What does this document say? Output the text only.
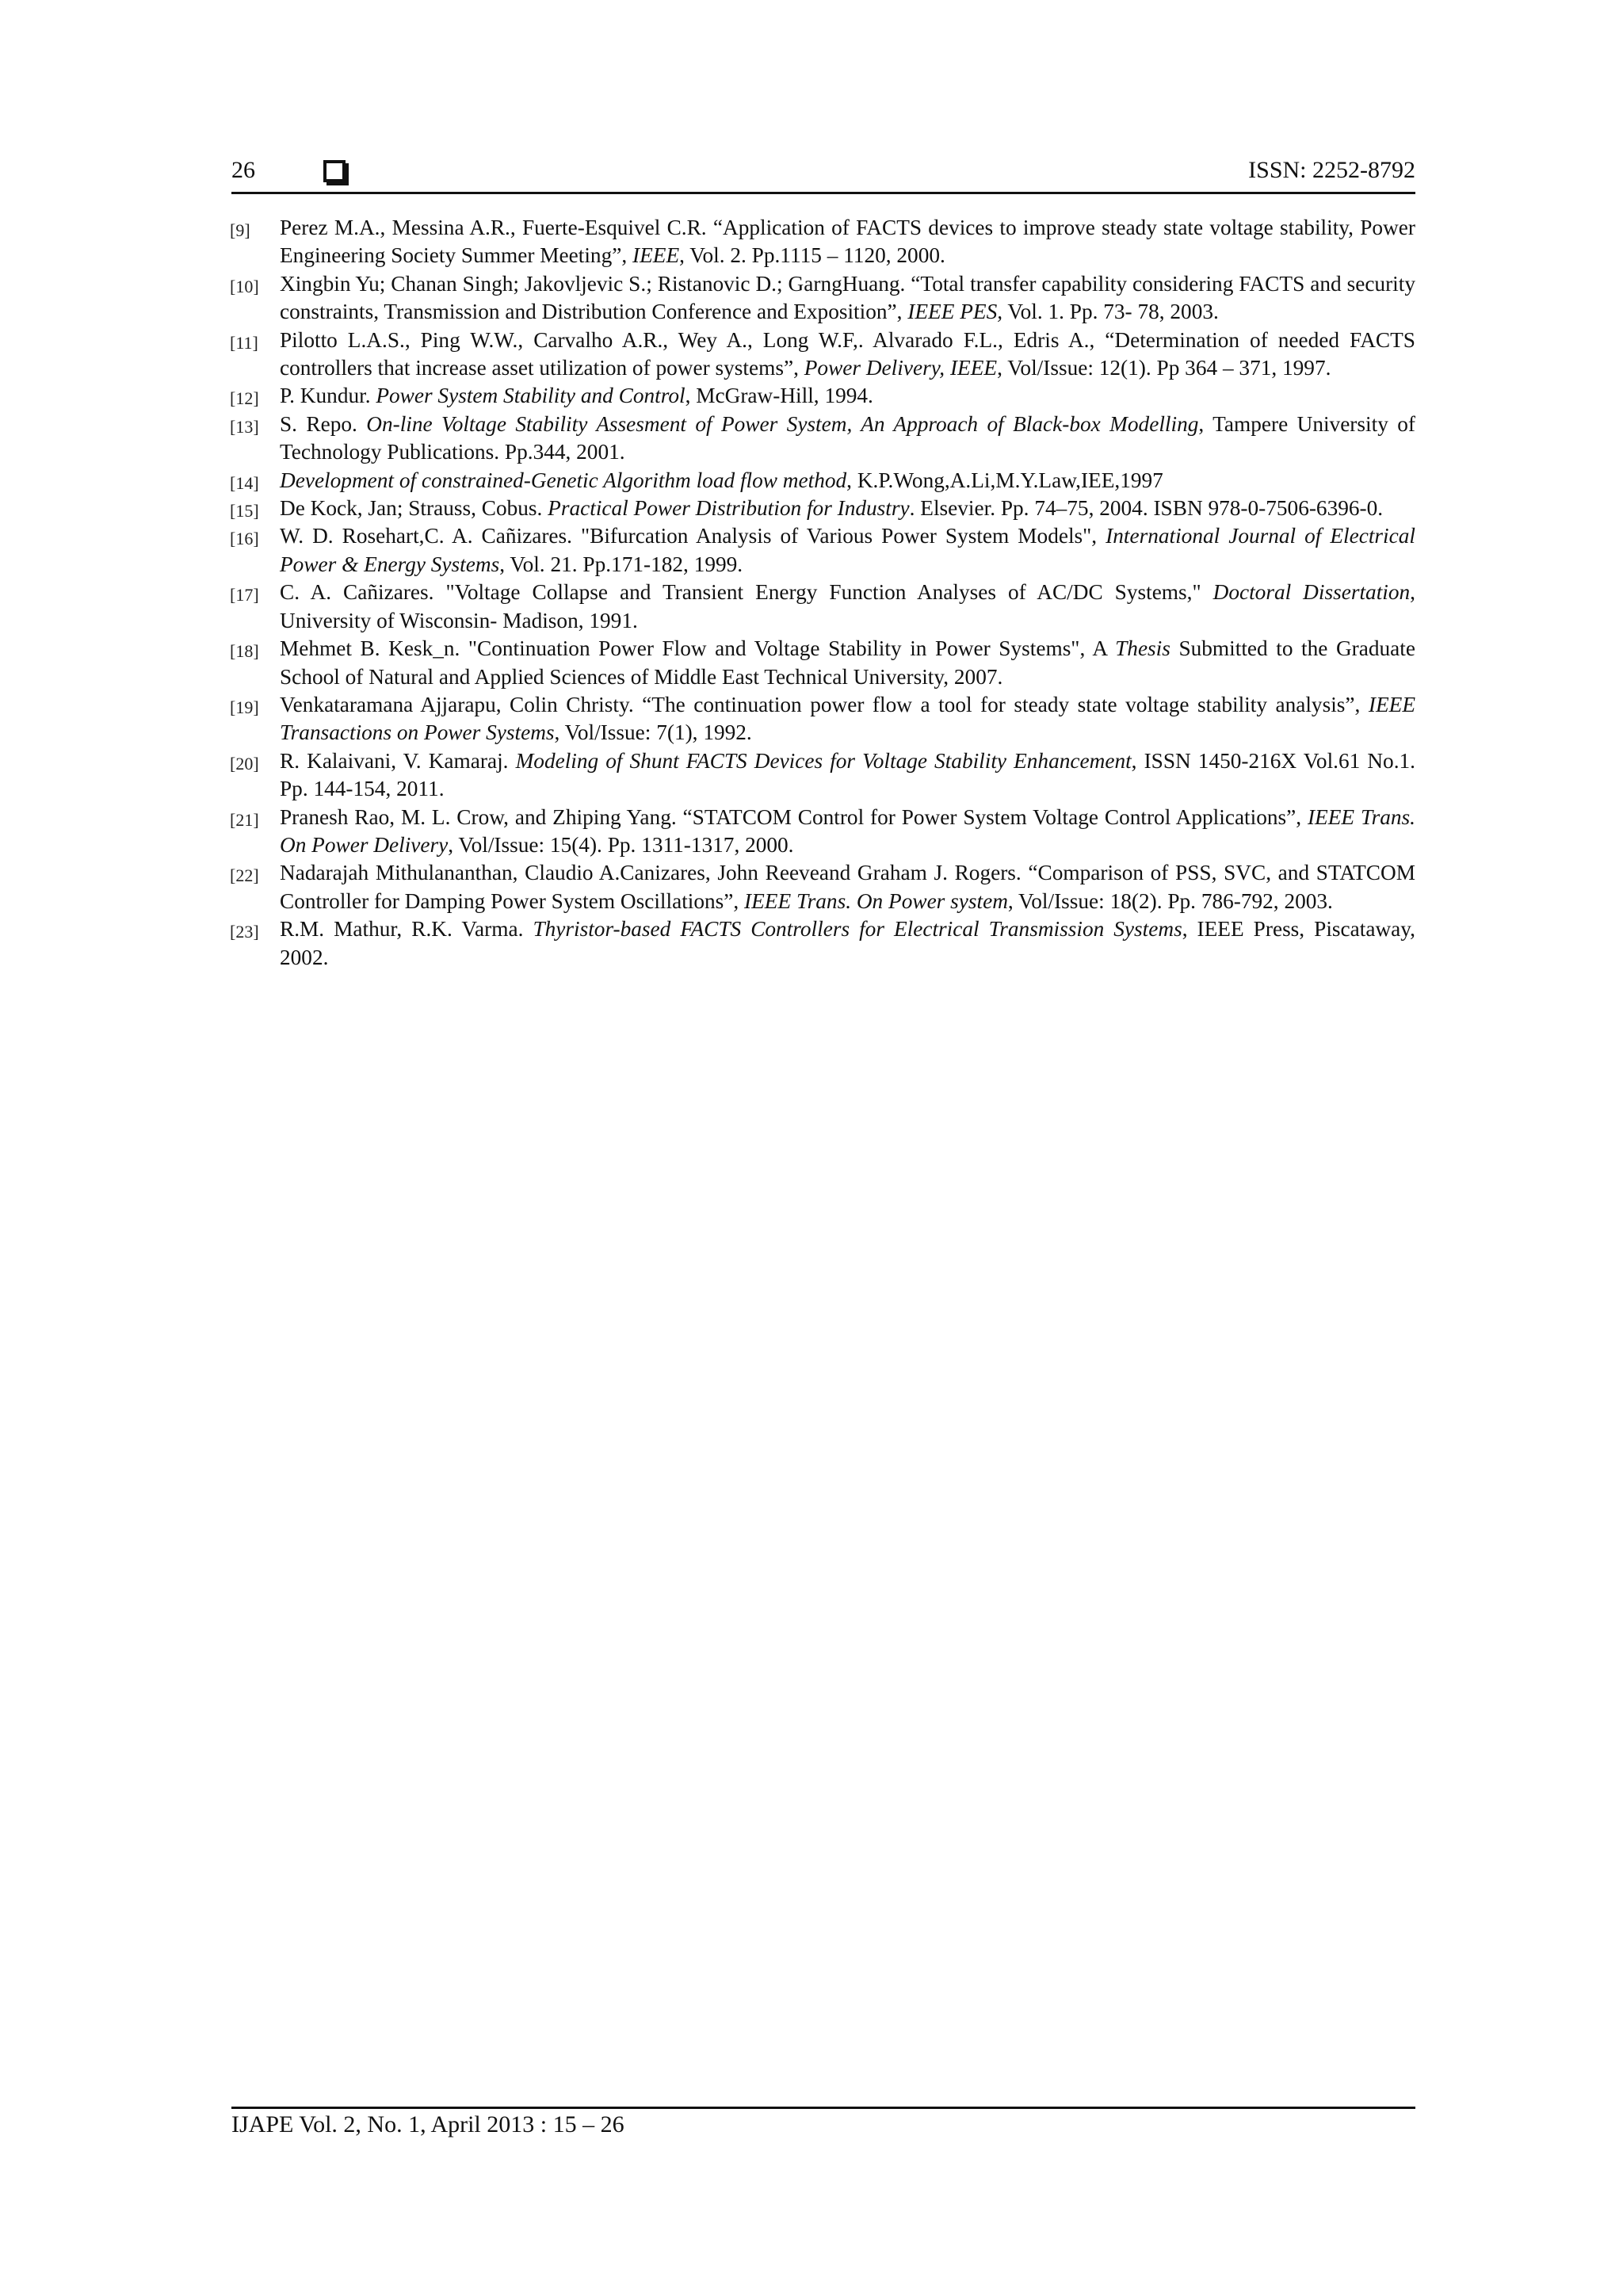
26	ISSN: 2252-8792
[9] Perez M.A., Messina A.R., Fuerte-Esquivel C.R. “Application of FACTS devices to improve steady state voltage stability, Power Engineering Society Summer Meeting”, IEEE, Vol. 2. Pp.1115 – 1120, 2000.
[10] Xingbin Yu; Chanan Singh; Jakovljevic S.; Ristanovic D.; GarngHuang. “Total transfer capability considering FACTS and security constraints, Transmission and Distribution Conference and Exposition”, IEEE PES, Vol. 1. Pp. 73- 78, 2003.
[11] Pilotto L.A.S., Ping W.W., Carvalho A.R., Wey A., Long W.F,. Alvarado F.L., Edris A., “Determination of needed FACTS controllers that increase asset utilization of power systems”, Power Delivery, IEEE, Vol/Issue: 12(1). Pp 364 – 371, 1997.
[12] P. Kundur. Power System Stability and Control, McGraw-Hill, 1994.
[13] S. Repo. On-line Voltage Stability Assesment of Power System, An Approach of Black-box Modelling, Tampere University of Technology Publications. Pp.344, 2001.
[14] Development of constrained-Genetic Algorithm load flow method, K.P.Wong,A.Li,M.Y.Law,IEE,1997
[15] De Kock, Jan; Strauss, Cobus. Practical Power Distribution for Industry. Elsevier. Pp. 74–75, 2004. ISBN 978-0-7506-6396-0.
[16] W. D. Rosehart,C. A. Cañizares. "Bifurcation Analysis of Various Power System Models", International Journal of Electrical Power & Energy Systems, Vol. 21. Pp.171-182, 1999.
[17] C. A. Cañizares. "Voltage Collapse and Transient Energy Function Analyses of AC/DC Systems," Doctoral Dissertation, University of Wisconsin- Madison, 1991.
[18] Mehmet B. Kesk_n. "Continuation Power Flow and Voltage Stability in Power Systems", A Thesis Submitted to the Graduate School of Natural and Applied Sciences of Middle East Technical University, 2007.
[19] Venkataramana Ajjarapu, Colin Christy. “The continuation power flow a tool for steady state voltage stability analysis”, IEEE Transactions on Power Systems, Vol/Issue: 7(1), 1992.
[20] R. Kalaivani, V. Kamaraj. Modeling of Shunt FACTS Devices for Voltage Stability Enhancement, ISSN 1450-216X Vol.61 No.1. Pp. 144-154, 2011.
[21] Pranesh Rao, M. L. Crow, and Zhiping Yang. “STATCOM Control for Power System Voltage Control Applications”, IEEE Trans. On Power Delivery, Vol/Issue: 15(4). Pp. 1311-1317, 2000.
[22] Nadarajah Mithulananthan, Claudio A.Canizares, John Reeveand Graham J. Rogers. “Comparison of PSS, SVC, and STATCOM Controller for Damping Power System Oscillations”, IEEE Trans. On Power system, Vol/Issue: 18(2). Pp. 786-792, 2003.
[23] R.M. Mathur, R.K. Varma. Thyristor-based FACTS Controllers for Electrical Transmission Systems, IEEE Press, Piscataway, 2002.
IJAPE Vol. 2, No. 1, April 2013 : 15 – 26
